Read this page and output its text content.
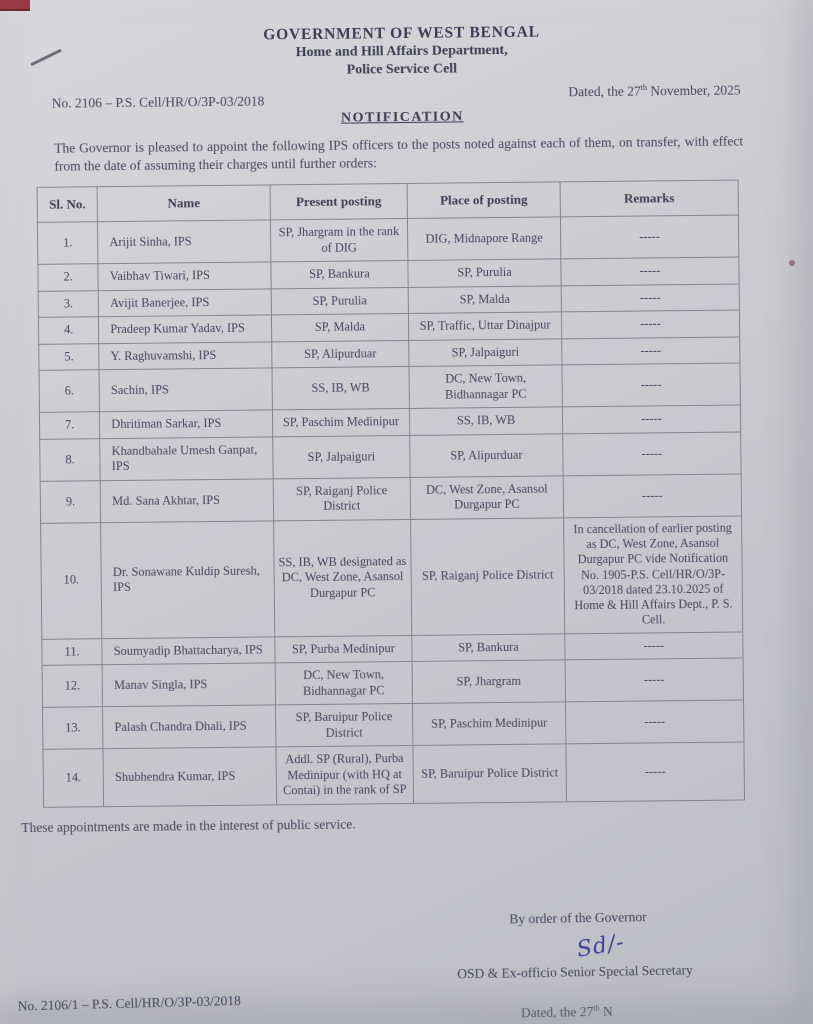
GOVERNMENT OF WEST BENGAL
Home and Hill Affairs Department,
Police Service Cell
No. 2106 – P.S. Cell/HR/O/3P-03/2018
Dated, the 27th November, 2025
NOTIFICATION

The Governor is pleased to appoint the following IPS officers to the posts noted against each of them, on transfer, with effect from the date of assuming their charges until further orders:

Sl. No.	Name	Present posting	Place of posting	Remarks
1.	Arijit Sinha, IPS	SP, Jhargram in the rank of DIG	DIG, Midnapore Range	-----
2.	Vaibhav Tiwari, IPS	SP, Bankura	SP, Purulia	-----
3.	Avijit Banerjee, IPS	SP, Purulia	SP, Malda	-----
4.	Pradeep Kumar Yadav, IPS	SP, Malda	SP, Traffic, Uttar Dinajpur	-----
5.	Y. Raghuvamshi, IPS	SP, Alipurduar	SP, Jalpaiguri	-----
6.	Sachin, IPS	SS, IB, WB	DC, New Town, Bidhannagar PC	-----
7.	Dhritiman Sarkar, IPS	SP, Paschim Medinipur	SS, IB, WB	-----
8.	Khandbahale Umesh Ganpat, IPS	SP, Jalpaiguri	SP, Alipurduar	-----
9.	Md. Sana Akhtar, IPS	SP, Raiganj Police District	DC, West Zone, Asansol Durgapur PC	-----
10.	Dr. Sonawane Kuldip Suresh, IPS	SS, IB, WB designated as DC, West Zone, Asansol Durgapur PC	SP, Raiganj Police District	In cancellation of earlier posting as DC, West Zone, Asansol Durgapur PC vide Notification No. 1905-P.S. Cell/HR/O/3P-03/2018 dated 23.10.2025 of Home & Hill Affairs Dept., P. S. Cell.
11.	Soumyadip Bhattacharya, IPS	SP, Purba Medinipur	SP, Bankura	-----
12.	Manav Singla, IPS	DC, New Town, Bidhannagar PC	SP, Jhargram	-----
13.	Palash Chandra Dhali, IPS	SP, Baruipur Police District	SP, Paschim Medinipur	-----
14.	Shubhendra Kumar, IPS	Addl. SP (Rural), Purba Medinipur (with HQ at Contai) in the rank of SP	SP, Baruipur Police District	-----
These appointments are made in the interest of public service.
By order of the Governor
Sd/-
OSD & Ex-officio Senior Special Secretary
No. 2106/1 – P.S. Cell/HR/O/3P-03/2018	Dated, the 27th N
